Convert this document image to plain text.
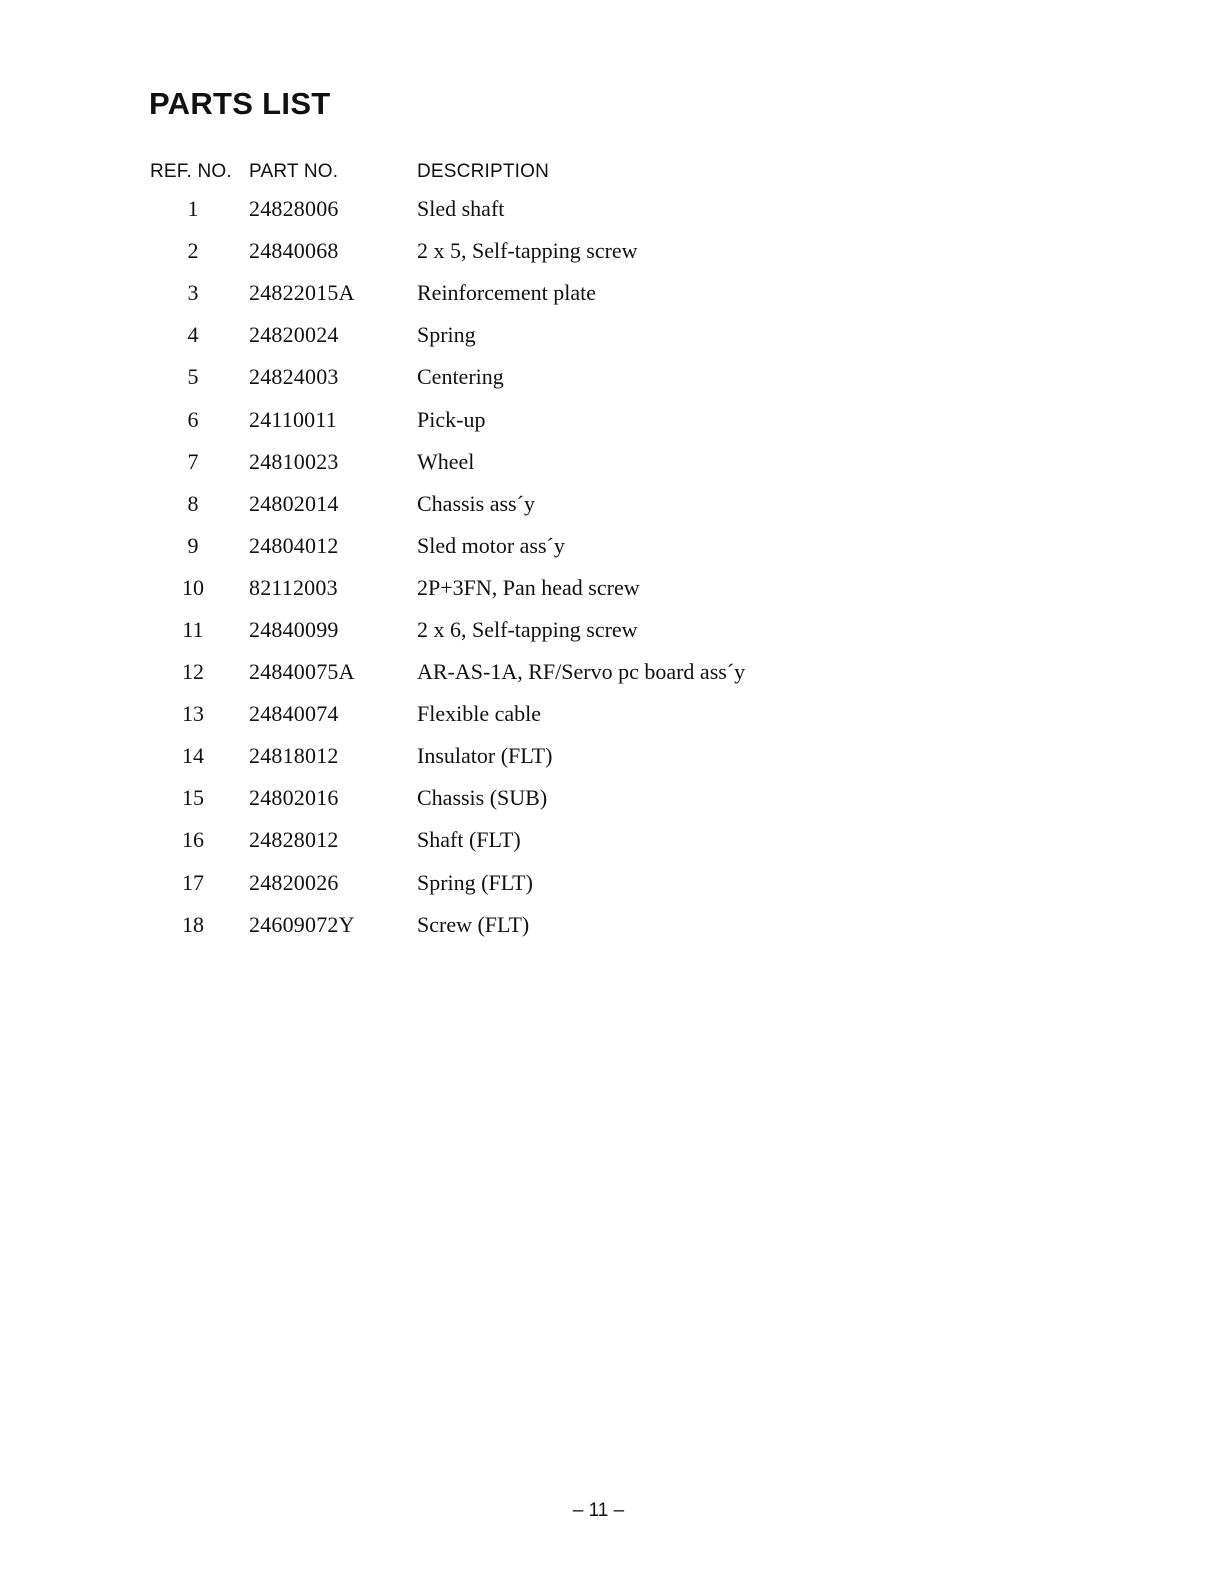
PARTS LIST
REF. NO.	PART NO.	DESCRIPTION
1	24828006	Sled shaft
2	24840068	2 x 5, Self-tapping screw
3	24822015A	Reinforcement plate
4	24820024	Spring
5	24824003	Centering
6	24110011	Pick-up
7	24810023	Wheel
8	24802014	Chassis ass´y
9	24804012	Sled motor ass´y
10	82112003	2P+3FN, Pan head screw
11	24840099	2 x 6, Self-tapping screw
12	24840075A	AR-AS-1A, RF/Servo pc board ass´y
13	24840074	Flexible cable
14	24818012	Insulator (FLT)
15	24802016	Chassis (SUB)
16	24828012	Shaft (FLT)
17	24820026	Spring (FLT)
18	24609072Y	Screw (FLT)
– 11 –
